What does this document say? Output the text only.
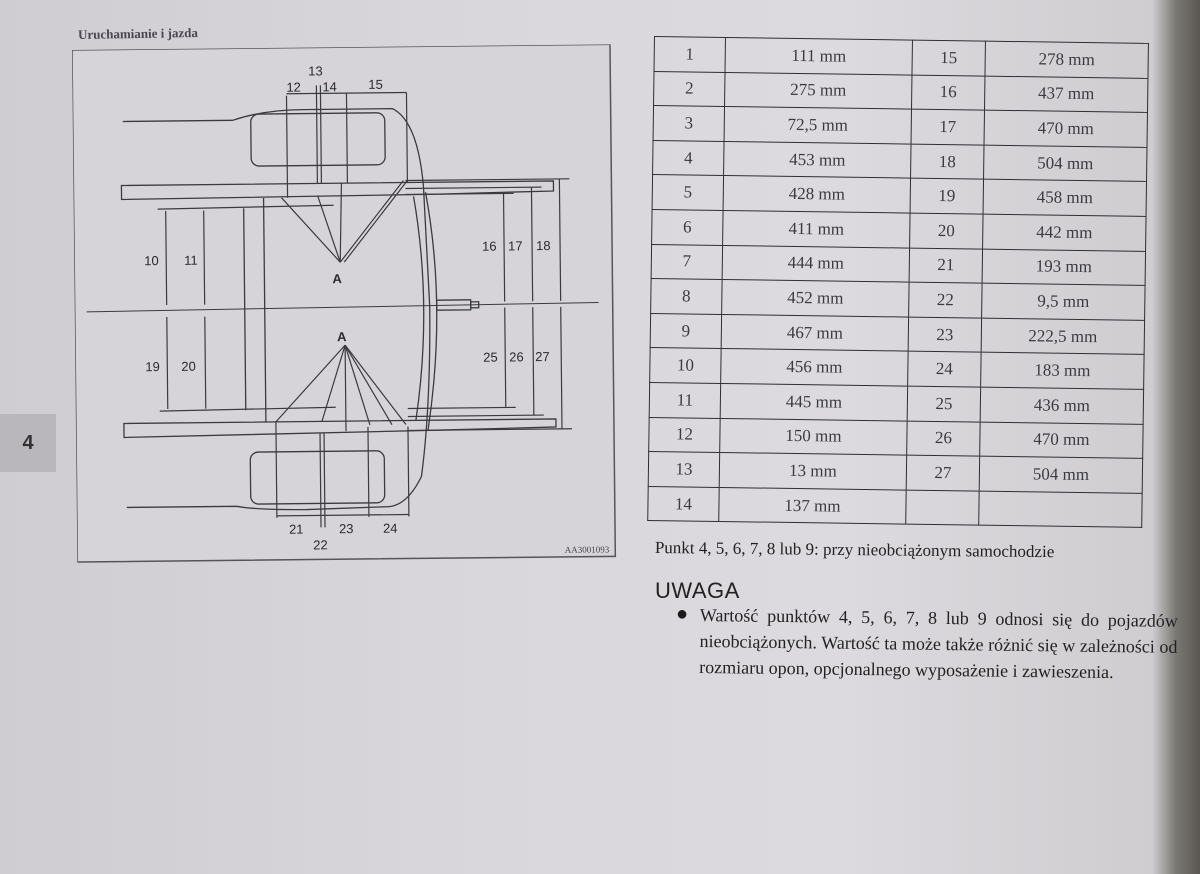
Uruchamianie i jazda
4
13
12 14 15
10 11
16 17 18
A
A
19 20
25 26 27
21	23 24
22	AA3001093
1	111 mm	15	278 mm
2	275 mm	16	437 mm
3	72,5 mm	17	470 mm
4	453 mm	18	504 mm
5	428 mm	19	458 mm
6	411 mm	20	442 mm
7	444 mm	21	193 mm
8	452 mm	22	9,5 mm
9	467 mm	23	222,5 mm
10	456 mm	24	183 mm
11	445 mm	25	436 mm
12	150 mm	26	470 mm
13	13 mm	27	504 mm
14	137 mm		
Punkt 4, 5, 6, 7, 8 lub 9: przy nieobciążonym samochodzie
UWAGA
● Wartość punktów 4, 5, 6, 7, 8 lub 9 odnosi się do pojazdów nieobciążonych. Wartość ta może także różnić się w zależności od rozmiaru opon, opcjonalnego wyposażenie i zawieszenia.
